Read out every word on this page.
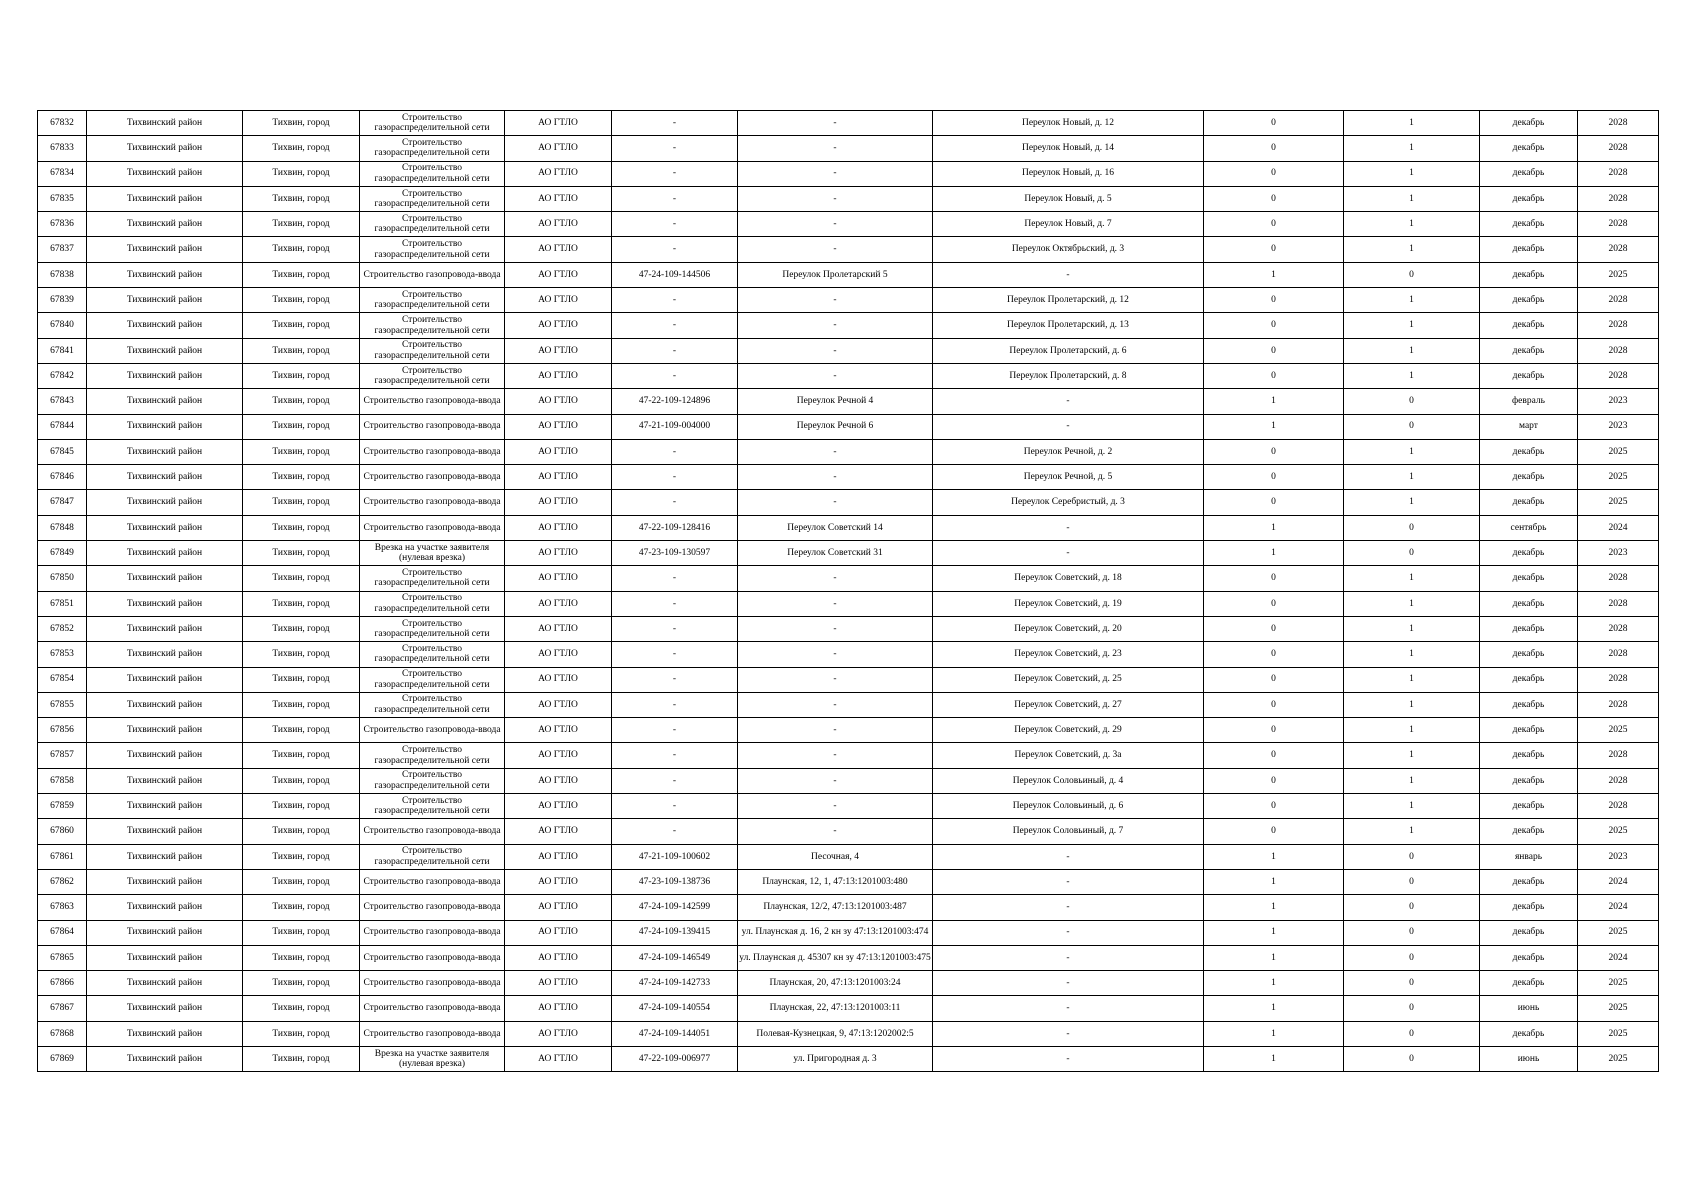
67832	Тихвинский район	Тихвин, город	Строительство газораспределительной сети	АО ГТЛО	-	-	Переулок Новый, д. 12	0	1	декабрь	2028
67833	Тихвинский район	Тихвин, город	Строительство газораспределительной сети	АО ГТЛО	-	-	Переулок Новый, д. 14	0	1	декабрь	2028
67834	Тихвинский район	Тихвин, город	Строительство газораспределительной сети	АО ГТЛО	-	-	Переулок Новый, д. 16	0	1	декабрь	2028
67835	Тихвинский район	Тихвин, город	Строительство газораспределительной сети	АО ГТЛО	-	-	Переулок Новый, д. 5	0	1	декабрь	2028
67836	Тихвинский район	Тихвин, город	Строительство газораспределительной сети	АО ГТЛО	-	-	Переулок Новый, д. 7	0	1	декабрь	2028
67837	Тихвинский район	Тихвин, город	Строительство газораспределительной сети	АО ГТЛО	-	-	Переулок Октябрьский, д. 3	0	1	декабрь	2028
67838	Тихвинский район	Тихвин, город	Строительство газопровода-ввода	АО ГТЛО	47-24-109-144506	Переулок Пролетарский 5	-	1	0	декабрь	2025
67839	Тихвинский район	Тихвин, город	Строительство газораспределительной сети	АО ГТЛО	-	-	Переулок Пролетарский, д. 12	0	1	декабрь	2028
67840	Тихвинский район	Тихвин, город	Строительство газораспределительной сети	АО ГТЛО	-	-	Переулок Пролетарский, д. 13	0	1	декабрь	2028
67841	Тихвинский район	Тихвин, город	Строительство газораспределительной сети	АО ГТЛО	-	-	Переулок Пролетарский, д. 6	0	1	декабрь	2028
67842	Тихвинский район	Тихвин, город	Строительство газораспределительной сети	АО ГТЛО	-	-	Переулок Пролетарский, д. 8	0	1	декабрь	2028
67843	Тихвинский район	Тихвин, город	Строительство газопровода-ввода	АО ГТЛО	47-22-109-124896	Переулок Речной 4	-	1	0	февраль	2023
67844	Тихвинский район	Тихвин, город	Строительство газопровода-ввода	АО ГТЛО	47-21-109-004000	Переулок Речной 6	-	1	0	март	2023
67845	Тихвинский район	Тихвин, город	Строительство газопровода-ввода	АО ГТЛО	-	-	Переулок Речной, д. 2	0	1	декабрь	2025
67846	Тихвинский район	Тихвин, город	Строительство газопровода-ввода	АО ГТЛО	-	-	Переулок Речной, д. 5	0	1	декабрь	2025
67847	Тихвинский район	Тихвин, город	Строительство газопровода-ввода	АО ГТЛО	-	-	Переулок Серебристый, д. 3	0	1	декабрь	2025
67848	Тихвинский район	Тихвин, город	Строительство газопровода-ввода	АО ГТЛО	47-22-109-128416	Переулок Советский 14	-	1	0	сентябрь	2024
67849	Тихвинский район	Тихвин, город	Врезка на участке заявителя (нулевая врезка)	АО ГТЛО	47-23-109-130597	Переулок Советский 31	-	1	0	декабрь	2023
67850	Тихвинский район	Тихвин, город	Строительство газораспределительной сети	АО ГТЛО	-	-	Переулок Советский, д. 18	0	1	декабрь	2028
67851	Тихвинский район	Тихвин, город	Строительство газораспределительной сети	АО ГТЛО	-	-	Переулок Советский, д. 19	0	1	декабрь	2028
67852	Тихвинский район	Тихвин, город	Строительство газораспределительной сети	АО ГТЛО	-	-	Переулок Советский, д. 20	0	1	декабрь	2028
67853	Тихвинский район	Тихвин, город	Строительство газораспределительной сети	АО ГТЛО	-	-	Переулок Советский, д. 23	0	1	декабрь	2028
67854	Тихвинский район	Тихвин, город	Строительство газораспределительной сети	АО ГТЛО	-	-	Переулок Советский, д. 25	0	1	декабрь	2028
67855	Тихвинский район	Тихвин, город	Строительство газораспределительной сети	АО ГТЛО	-	-	Переулок Советский, д. 27	0	1	декабрь	2028
67856	Тихвинский район	Тихвин, город	Строительство газопровода-ввода	АО ГТЛО	-	-	Переулок Советский, д. 29	0	1	декабрь	2025
67857	Тихвинский район	Тихвин, город	Строительство газораспределительной сети	АО ГТЛО	-	-	Переулок Советский, д. 3а	0	1	декабрь	2028
67858	Тихвинский район	Тихвин, город	Строительство газораспределительной сети	АО ГТЛО	-	-	Переулок Соловьиный, д. 4	0	1	декабрь	2028
67859	Тихвинский район	Тихвин, город	Строительство газораспределительной сети	АО ГТЛО	-	-	Переулок Соловьиный, д. 6	0	1	декабрь	2028
67860	Тихвинский район	Тихвин, город	Строительство газопровода-ввода	АО ГТЛО	-	-	Переулок Соловьиный, д. 7	0	1	декабрь	2025
67861	Тихвинский район	Тихвин, город	Строительство газораспределительной сети	АО ГТЛО	47-21-109-100602	Песочная, 4	-	1	0	январь	2023
67862	Тихвинский район	Тихвин, город	Строительство газопровода-ввода	АО ГТЛО	47-23-109-138736	Плаунская, 12, 1, 47:13:1201003:480	-	1	0	декабрь	2024
67863	Тихвинский район	Тихвин, город	Строительство газопровода-ввода	АО ГТЛО	47-24-109-142599	Плаунская, 12/2, 47:13:1201003:487	-	1	0	декабрь	2024
67864	Тихвинский район	Тихвин, город	Строительство газопровода-ввода	АО ГТЛО	47-24-109-139415	ул. Плаунская д. 16, 2 кн зу 47:13:1201003:474	-	1	0	декабрь	2025
67865	Тихвинский район	Тихвин, город	Строительство газопровода-ввода	АО ГТЛО	47-24-109-146549	ул. Плаунская д. 45307 кн зу 47:13:1201003:475	-	1	0	декабрь	2024
67866	Тихвинский район	Тихвин, город	Строительство газопровода-ввода	АО ГТЛО	47-24-109-142733	Плаунская, 20, 47:13:1201003:24	-	1	0	декабрь	2025
67867	Тихвинский район	Тихвин, город	Строительство газопровода-ввода	АО ГТЛО	47-24-109-140554	Плаунская, 22, 47:13:1201003:11	-	1	0	июнь	2025
67868	Тихвинский район	Тихвин, город	Строительство газопровода-ввода	АО ГТЛО	47-24-109-144051	Полевая-Кузнецкая, 9, 47:13:1202002:5	-	1	0	декабрь	2025
67869	Тихвинский район	Тихвин, город	Врезка на участке заявителя (нулевая врезка)	АО ГТЛО	47-22-109-006977	ул. Пригородная д. 3	-	1	0	июнь	2025
